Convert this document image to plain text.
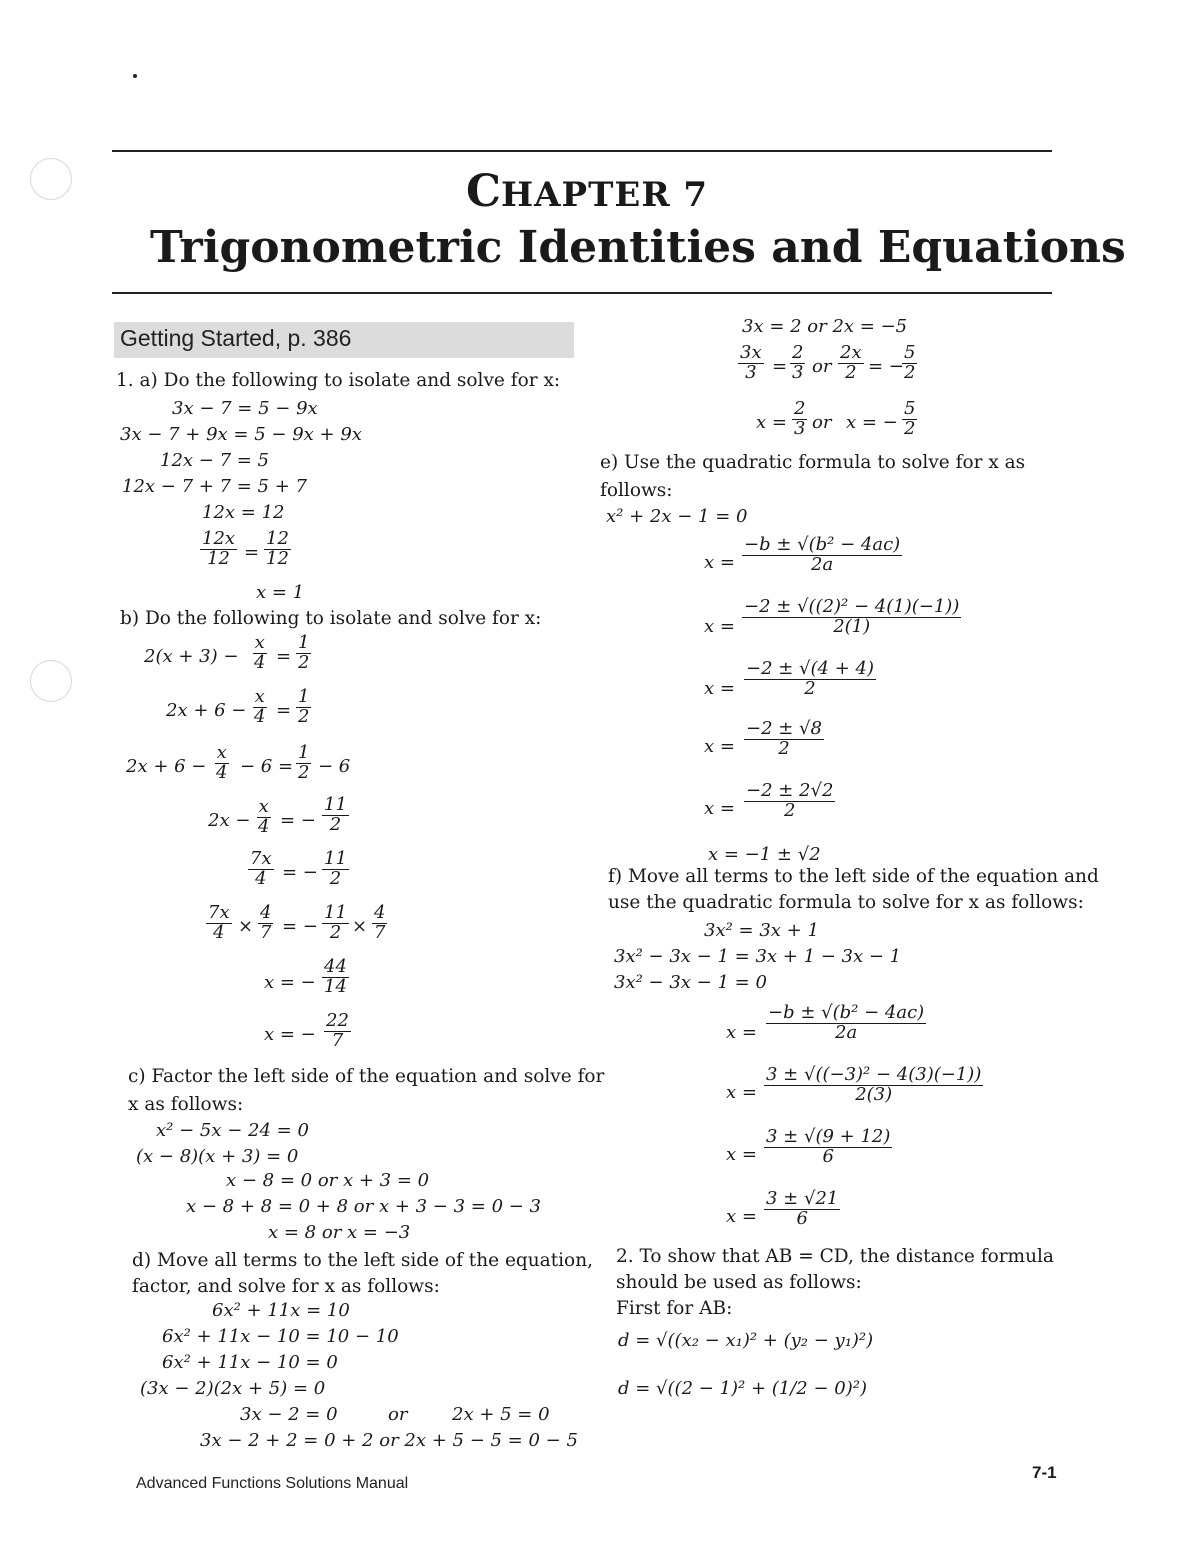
CHAPTER 7
Trigonometric Identities and Equations
Getting Started, p. 386
1. a) Do the following to isolate and solve for x:
3x − 7 = 5 − 9x
3x − 7 + 9x = 5 − 9x + 9x
12x − 7 = 5
12x − 7 + 7 = 5 + 7
12x = 12
$\frac{12x}{12} = \frac{12}{12}$
x = 1
b) Do the following to isolate and solve for x:
$2(x + 3) - \frac{x}{4} = \frac{1}{2}$
$2x + 6 - \frac{x}{4} = \frac{1}{2}$
$2x + 6 - \frac{x}{4} - 6 = \frac{1}{2} - 6$
$2x - \frac{x}{4}$ = − $\frac{11}{2}$
$\frac{7x}{4}$ = − $\frac{11}{2}$
$\frac{7x}{4} \times \frac{4}{7}$ = − $\frac{11}{2} \times \frac{4}{7}$
x = − $\frac{44}{14}$
x = − $\frac{22}{7}$
c) Factor the left side of the equation and solve for
x as follows:
x² − 5x − 24 = 0
(x − 8)(x + 3) = 0
x − 8 = 0 or x + 3 = 0
x − 8 + 8 = 0 + 8 or x + 3 − 3 = 0 − 3
x = 8 or x = −3
d) Move all terms to the left side of the equation,
factor, and solve for x as follows:
6x² + 11x = 10
6x² + 11x − 10 = 10 − 10
6x² + 11x − 10 = 0
(3x − 2)(2x + 5) = 0
3x − 2 = 0	or 2x + 5 = 0
3x − 2 + 2 = 0 + 2 or 2x + 5 − 5 = 0 − 5
3x = 2 or 2x = −5
$\frac{3x}{3} = \frac{2}{3}$ or $\frac{2x}{2}$ = −
$\frac{5}{2}$
$x = \frac{2}{3}$ or x = − $\frac{5}{2}$
e) Use the quadratic formula to solve for x as
follows:
x² + 2x − 1 = 0
$x = \frac{\text{−b ± √(b² − 4ac)}}{2a}$
$x = \frac{\text{−2 ± √((2)² − 4(1)(−1))}}{2(1)}$
$x = \frac{-2 \pm √(4 + 4)}{2}$
$x = \frac{-2 \pm √8}{2}$
$x = \frac{-2 \pm 2√2}{2}$
x = −1 ± √2
f) Move all terms to the left side of the equation and
use the quadratic formula to solve for x as follows:
3x² = 3x + 1
3x² − 3x − 1 = 3x + 1 − 3x − 1
3x² − 3x − 1 = 0
$x = \frac{\text{−b ± √(b² − 4ac)}}{2a}$
$x = \frac{\text{3 ± √((−3)² − 4(3)(−1))}}{2(3)}$
$x = \frac{3 \pm √(9 + 12)}{6}$
$x = \frac{3 \pm √21}{6}$
2. To show that AB = CD, the distance formula
should be used as follows:
First for AB:
d = √((x₂ − x₁)² + (y₂ − y₁)²)
d = √((2 − 1)² + (1/2 − 0)²)
Advanced Functions Solutions Manual
7-1
